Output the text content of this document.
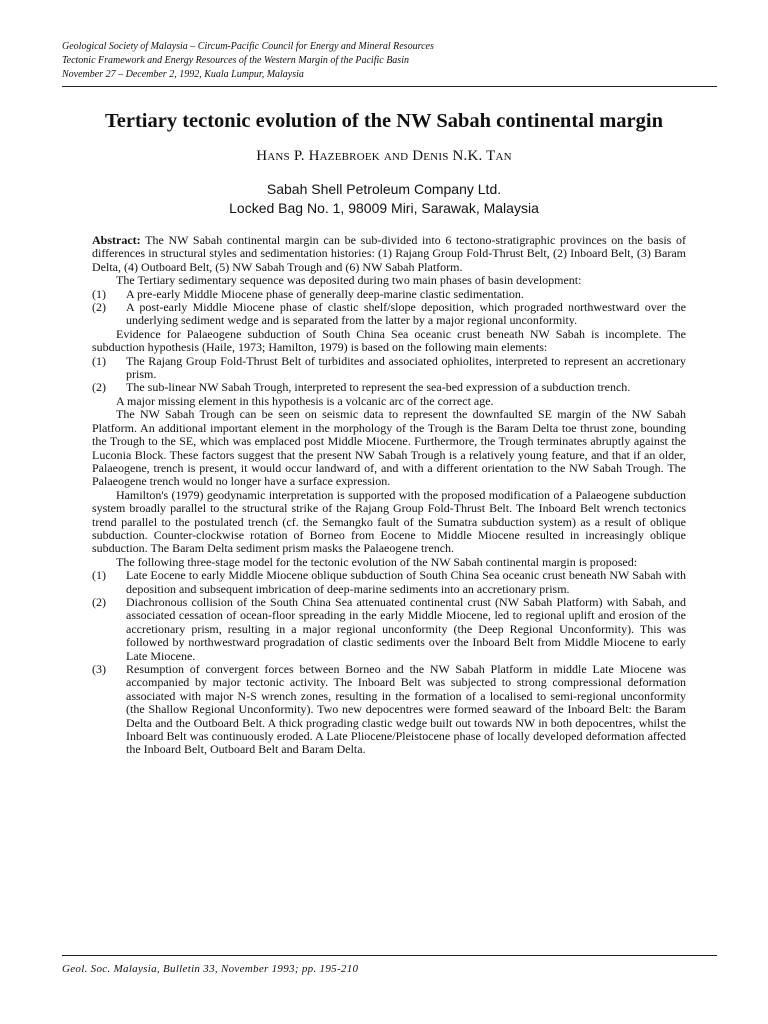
Geological Society of Malaysia – Circum-Pacific Council for Energy and Mineral Resources
Tectonic Framework and Energy Resources of the Western Margin of the Pacific Basin
November 27 – December 2, 1992, Kuala Lumpur, Malaysia
Tertiary tectonic evolution of the NW Sabah continental margin
Hans P. Hazebroek and Denis N.K. Tan
Sabah Shell Petroleum Company Ltd.
Locked Bag No. 1, 98009 Miri, Sarawak, Malaysia

Abstract: The NW Sabah continental margin can be sub-divided into 6 tectono-stratigraphic provinces on the basis of differences in structural styles and sedimentation histories: (1) Rajang Group Fold-Thrust Belt, (2) Inboard Belt, (3) Baram Delta, (4) Outboard Belt, (5) NW Sabah Trough and (6) NW Sabah Platform.

The Tertiary sedimentary sequence was deposited during two main phases of basin development:

(1)	A pre-early Middle Miocene phase of generally deep-marine clastic sedimentation.
(2)	A post-early Middle Miocene phase of clastic shelf/slope deposition, which prograded northwestward over the underlying sediment wedge and is separated from the latter by a major regional unconformity.

Evidence for Palaeogene subduction of South China Sea oceanic crust beneath NW Sabah is incomplete. The subduction hypothesis (Haile, 1973; Hamilton, 1979) is based on the following main elements:

(1)	The Rajang Group Fold-Thrust Belt of turbidites and associated ophiolites, interpreted to represent an accretionary prism.
(2)	The sub-linear NW Sabah Trough, interpreted to represent the sea-bed expression of a subduction trench.

A major missing element in this hypothesis is a volcanic arc of the correct age.

The NW Sabah Trough can be seen on seismic data to represent the downfaulted SE margin of the NW Sabah Platform. An additional important element in the morphology of the Trough is the Baram Delta toe thrust zone, bounding the Trough to the SE, which was emplaced post Middle Miocene. Furthermore, the Trough terminates abruptly against the Luconia Block. These factors suggest that the present NW Sabah Trough is a relatively young feature, and that if an older, Palaeogene, trench is present, it would occur landward of, and with a different orientation to the NW Sabah Trough. The Palaeogene trench would no longer have a surface expression.

Hamilton's (1979) geodynamic interpretation is supported with the proposed modification of a Palaeogene subduction system broadly parallel to the structural strike of the Rajang Group Fold-Thrust Belt. The Inboard Belt wrench tectonics trend parallel to the postulated trench (cf. the Semangko fault of the Sumatra subduction system) as a result of oblique subduction. Counter-clockwise rotation of Borneo from Eocene to Middle Miocene resulted in increasingly oblique subduction. The Baram Delta sediment prism masks the Palaeogene trench.

The following three-stage model for the tectonic evolution of the NW Sabah continental margin is proposed:

(1)	Late Eocene to early Middle Miocene oblique subduction of South China Sea oceanic crust beneath NW Sabah with deposition and subsequent imbrication of deep-marine sediments into an accretionary prism.
(2)	Diachronous collision of the South China Sea attenuated continental crust (NW Sabah Platform) with Sabah, and associated cessation of ocean-floor spreading in the early Middle Miocene, led to regional uplift and erosion of the accretionary prism, resulting in a major regional unconformity (the Deep Regional Unconformity). This was followed by northwestward progradation of clastic sediments over the Inboard Belt from Middle Miocene to early Late Miocene.
(3)	Resumption of convergent forces between Borneo and the NW Sabah Platform in middle Late Miocene was accompanied by major tectonic activity. The Inboard Belt was subjected to strong compressional deformation associated with major N-S wrench zones, resulting in the formation of a localised to semi-regional unconformity (the Shallow Regional Unconformity). Two new depocentres were formed seaward of the Inboard Belt: the Baram Delta and the Outboard Belt. A thick prograding clastic wedge built out towards NW in both depocentres, whilst the Inboard Belt was continuously eroded. A Late Pliocene/Pleistocene phase of locally developed deformation affected the Inboard Belt, Outboard Belt and Baram Delta.
Geol. Soc. Malaysia, Bulletin 33, November 1993; pp. 195-210
